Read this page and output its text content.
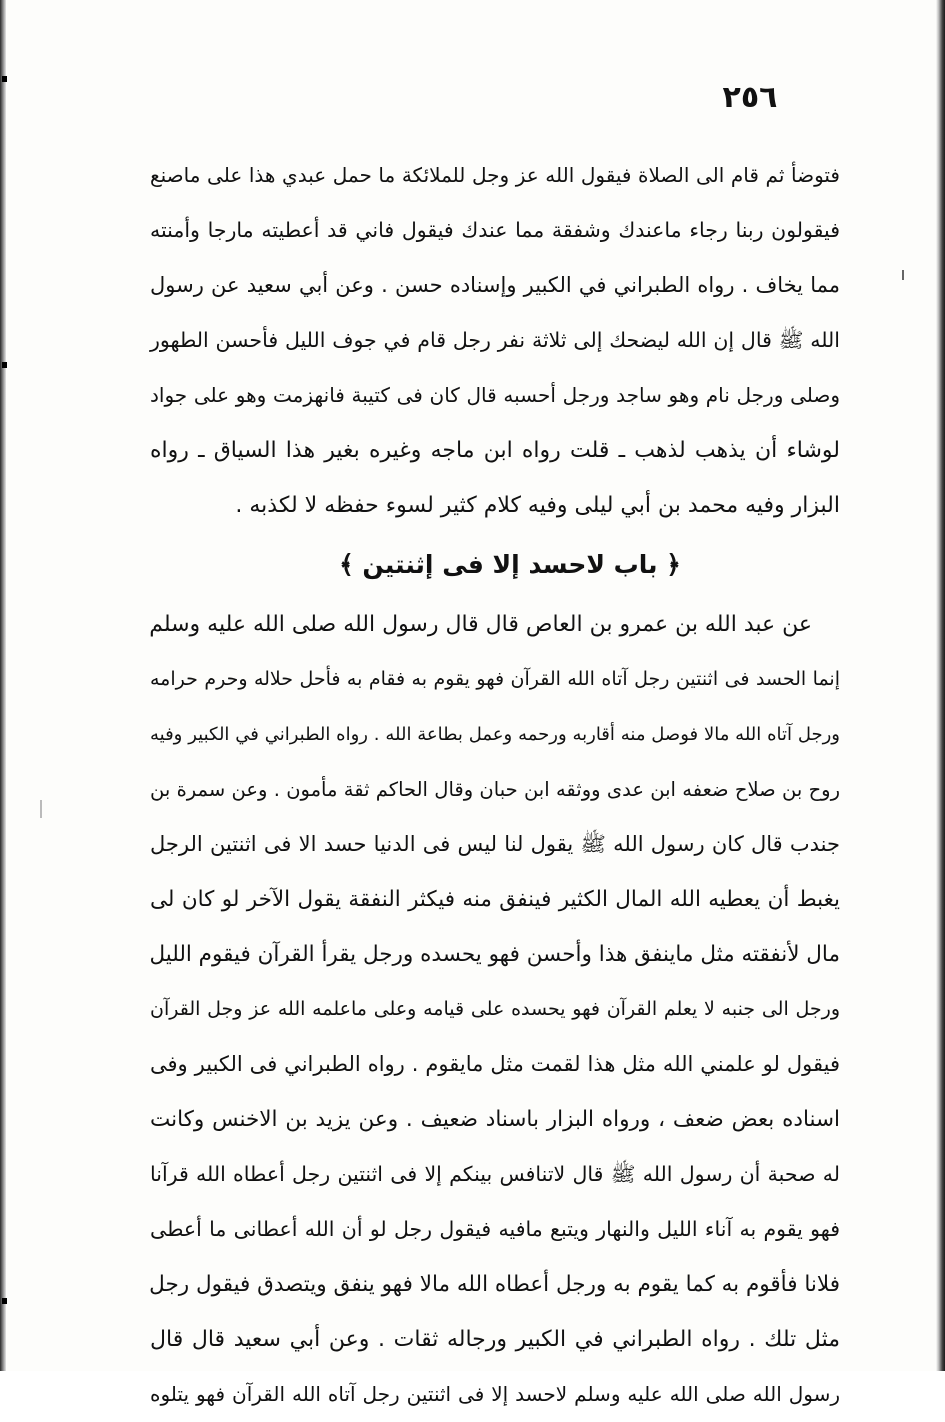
٢٥٦
فتوضأ ثم قام الى الصلاة فيقول الله عز وجل للملائكة ما حمل عبدي هذا على ماصنع
فيقولون ربنا رجاء ماعندك وشفقة مما عندك فيقول فاني قد أعطيته مارجا وأمنته
مما يخاف . رواه الطبراني في الكبير وإسناده حسن . وعن أبي سعيد عن رسول
الله ﷺ قال إن الله ليضحك إلى ثلاثة نفر رجل قام في جوف الليل فأحسن الطهور
وصلى ورجل نام وهو ساجد ورجل أحسبه قال كان فى كتيبة فانهزمت وهو على جواد
لوشاء أن يذهب لذهب ـ قلت رواه ابن ماجه وغيره بغير هذا السياق ـ رواه
البزار وفيه محمد بن أبي ليلى وفيه كلام كثير لسوء حفظه لا لكذبه .
﴿ باب لاحسد إلا فى إثنتين ﴾
عن عبد الله بن عمرو بن العاص قال قال رسول الله صلى الله عليه وسلم
إنما الحسد فى اثنتين رجل آتاه الله القرآن فهو يقوم به فقام به فأحل حلاله وحرم حرامه
ورجل آتاه الله مالا فوصل منه أقاربه ورحمه وعمل بطاعة الله . رواه الطبراني في الكبير وفيه
روح بن صلاح ضعفه ابن عدى ووثقه ابن حبان وقال الحاكم ثقة مأمون . وعن سمرة بن
جندب قال كان رسول الله ﷺ يقول لنا ليس فى الدنيا حسد الا فى اثنتين الرجل
يغبط أن يعطيه الله المال الكثير فينفق منه فيكثر النفقة يقول الآخر لو كان لى
مال لأنفقته مثل ماينفق هذا وأحسن فهو يحسده ورجل يقرأ القرآن فيقوم الليل
ورجل الى جنبه لا يعلم القرآن فهو يحسده على قيامه وعلى ماعلمه الله عز وجل القرآن
فيقول لو علمني الله مثل هذا لقمت مثل مايقوم . رواه الطبراني فى الكبير وفى
اسناده بعض ضعف ، ورواه البزار باسناد ضعيف . وعن يزيد بن الاخنس وكانت
له صحبة أن رسول الله ﷺ قال لاتنافس بينكم إلا فى اثنتين رجل أعطاه الله قرآنا
فهو يقوم به آناء الليل والنهار ويتبع مافيه فيقول رجل لو أن الله أعطانى ما أعطى
فلانا فأقوم به كما يقوم به ورجل أعطاه الله مالا فهو ينفق ويتصدق فيقول رجل
مثل تلك . رواه الطبراني في الكبير ورجاله ثقات . وعن أبي سعيد قال قال
رسول الله صلى الله عليه وسلم لاحسد إلا فى اثنتين رجل آتاه الله القرآن فهو يتلوه
